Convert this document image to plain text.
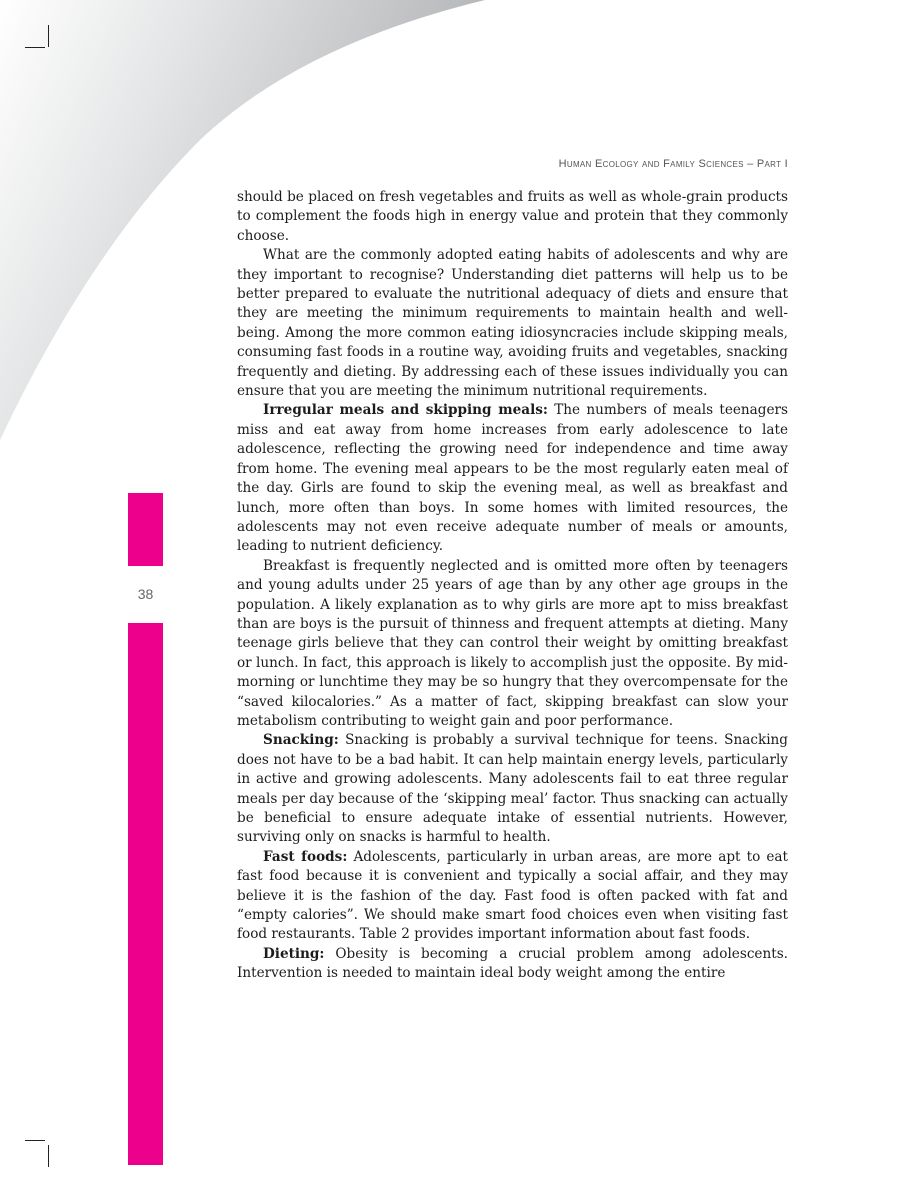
Human Ecology and Family Sciences – Part I
38

should be placed on fresh vegetables and fruits as well as whole-grain products to complement the foods high in energy value and protein that they commonly choose.

What are the commonly adopted eating habits of adolescents and why are they important to recognise? Understanding diet patterns will help us to be better prepared to evaluate the nutritional adequacy of diets and ensure that they are meeting the minimum requirements to maintain health and well-being. Among the more common eating idiosyncracies include skipping meals, consuming fast foods in a routine way, avoiding fruits and vegetables, snacking frequently and dieting. By addressing each of these issues individually you can ensure that you are meeting the minimum nutritional requirements.

Irregular meals and skipping meals: The numbers of meals teenagers miss and eat away from home increases from early adolescence to late adolescence, reflecting the growing need for independence and time away from home. The evening meal appears to be the most regularly eaten meal of the day. Girls are found to skip the evening meal, as well as breakfast and lunch, more often than boys. In some homes with limited resources, the adolescents may not even receive adequate number of meals or amounts, leading to nutrient deficiency.

Breakfast is frequently neglected and is omitted more often by teenagers and young adults under 25 years of age than by any other age groups in the population. A likely explanation as to why girls are more apt to miss breakfast than are boys is the pursuit of thinness and frequent attempts at dieting. Many teenage girls believe that they can control their weight by omitting breakfast or lunch. In fact, this approach is likely to accomplish just the opposite. By mid-morning or lunchtime they may be so hungry that they overcompensate for the “saved kilocalories.” As a matter of fact, skipping breakfast can slow your metabolism contributing to weight gain and poor performance.

Snacking: Snacking is probably a survival technique for teens. Snacking does not have to be a bad habit. It can help maintain energy levels, particularly in active and growing adolescents. Many adolescents fail to eat three regular meals per day because of the ‘skipping meal’ factor. Thus snacking can actually be beneficial to ensure adequate intake of essential nutrients. However, surviving only on snacks is harmful to health.

Fast foods: Adolescents, particularly in urban areas, are more apt to eat fast food because it is convenient and typically a social affair, and they may believe it is the fashion of the day. Fast food is often packed with fat and “empty calories”. We should make smart food choices even when visiting fast food restaurants. Table 2 provides important information about fast foods.

Dieting: Obesity is becoming a crucial problem among adolescents. Intervention is needed to maintain ideal body weight among the entire
